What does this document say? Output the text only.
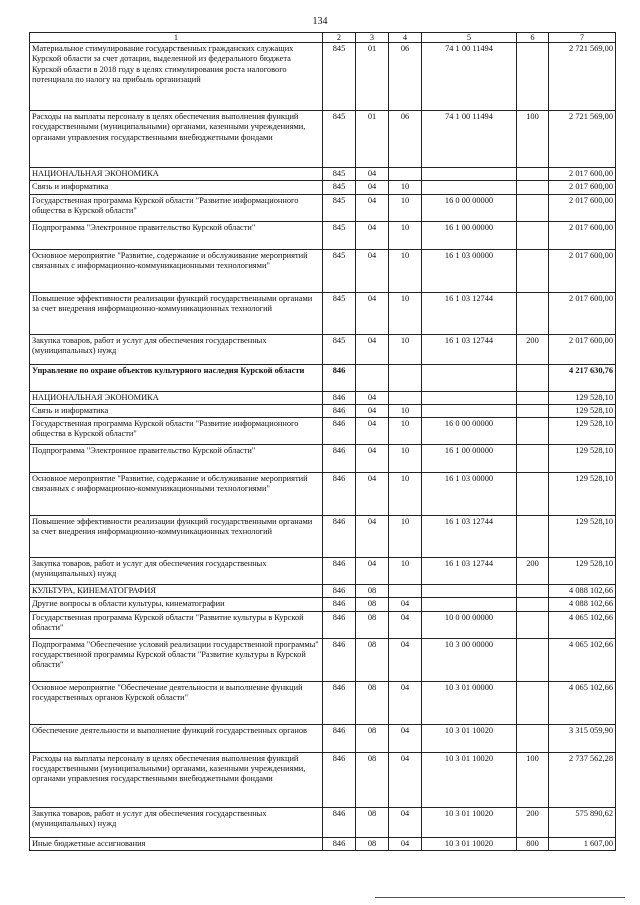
134
1	2	3	4	5	6	7
Материальное стимулирование государственных гражданских служащих Курской области за счет дотации, выделенной из федерального бюджета Курской области в 2018 году в целях стимулирования роста налогового потенциала по налогу на прибыль организаций	845	01	06	74 1 00 11494		2 721 569,00
Расходы на выплаты персоналу в целях обеспечения выполнения функций государственными (муниципальными) органами, казенными учреждениями, органами управления государственными внебюджетными фондами	845	01	06	74 1 00 11494	100	2 721 569,00
НАЦИОНАЛЬНАЯ ЭКОНОМИКА	845	04				2 017 600,00
Связь и информатика	845	04	10			2 017 600,00
Государственная программа Курской области "Развитие информационного общества в Курской области"	845	04	10	16 0 00 00000		2 017 600,00
Подпрограмма "Электронное правительство Курской области"	845	04	10	16 1 00 00000		2 017 600,00
Основное мероприятие "Развитие, содержание и обслуживание мероприятий связанных с информационно-коммуникационными технологиями"	845	04	10	16 1 03 00000		2 017 600,00
Повышение эффективности реализации функций государственными органами за счет внедрения информационно-коммуникационных технологий	845	04	10	16 1 03 12744		2 017 600,00
Закупка товаров, работ и услуг для обеспечения государственных (муниципальных) нужд	845	04	10	16 1 03 12744	200	2 017 600,00
Управление по охране объектов культурного наследия Курской области	846					4 217 630,76
НАЦИОНАЛЬНАЯ ЭКОНОМИКА	846	04				129 528,10
Связь и информатика	846	04	10			129 528,10
Государственная программа Курской области "Развитие информационного общества в Курской области"	846	04	10	16 0 00 00000		129 528,10
Подпрограмма "Электронное правительство Курской области"	846	04	10	16 1 00 00000		129 528,10
Основное мероприятие "Развитие, содержание и обслуживание мероприятий связанных с информационно-коммуникационными технологиями"	846	04	10	16 1 03 00000		129 528,10
Повышение эффективности реализации функций государственными органами за счет внедрения информационно-коммуникационных технологий	846	04	10	16 1 03 12744		129 528,10
Закупка товаров, работ и услуг для обеспечения государственных (муниципальных) нужд	846	04	10	16 1 03 12744	200	129 528,10
КУЛЬТУРА, КИНЕМАТОГРАФИЯ	846	08				4 088 102,66
Другие вопросы в области культуры, кинематографии	846	08	04			4 088 102,66
Государственная программа Курской области "Развитие культуры в Курской области"	846	08	04	10 0 00 00000		4 065 102,66
Подпрограмма "Обеспечение условий реализации государственной программы" государственной программы Курской области "Развитие культуры в Курской области"	846	08	04	10 3 00 00000		4 065 102,66
Основное мероприятие "Обеспечение деятельности и выполнение функций государственных органов Курской области"	846	08	04	10 3 01 00000		4 065 102,66
Обеспечение деятельности и выполнение функций государственных органов	846	08	04	10 3 01 10020		3 315 059,90
Расходы на выплаты персоналу в целях обеспечения выполнения функций государственными (муниципальными) органами, казенными учреждениями, органами управления государственными внебюджетными фондами	846	08	04	10 3 01 10020	100	2 737 562,28
Закупка товаров, работ и услуг для обеспечения государственных (муниципальных) нужд	846	08	04	10 3 01 10020	200	575 890,62
Иные бюджетные ассигнования	846	08	04	10 3 01 10020	800	1 607,00
